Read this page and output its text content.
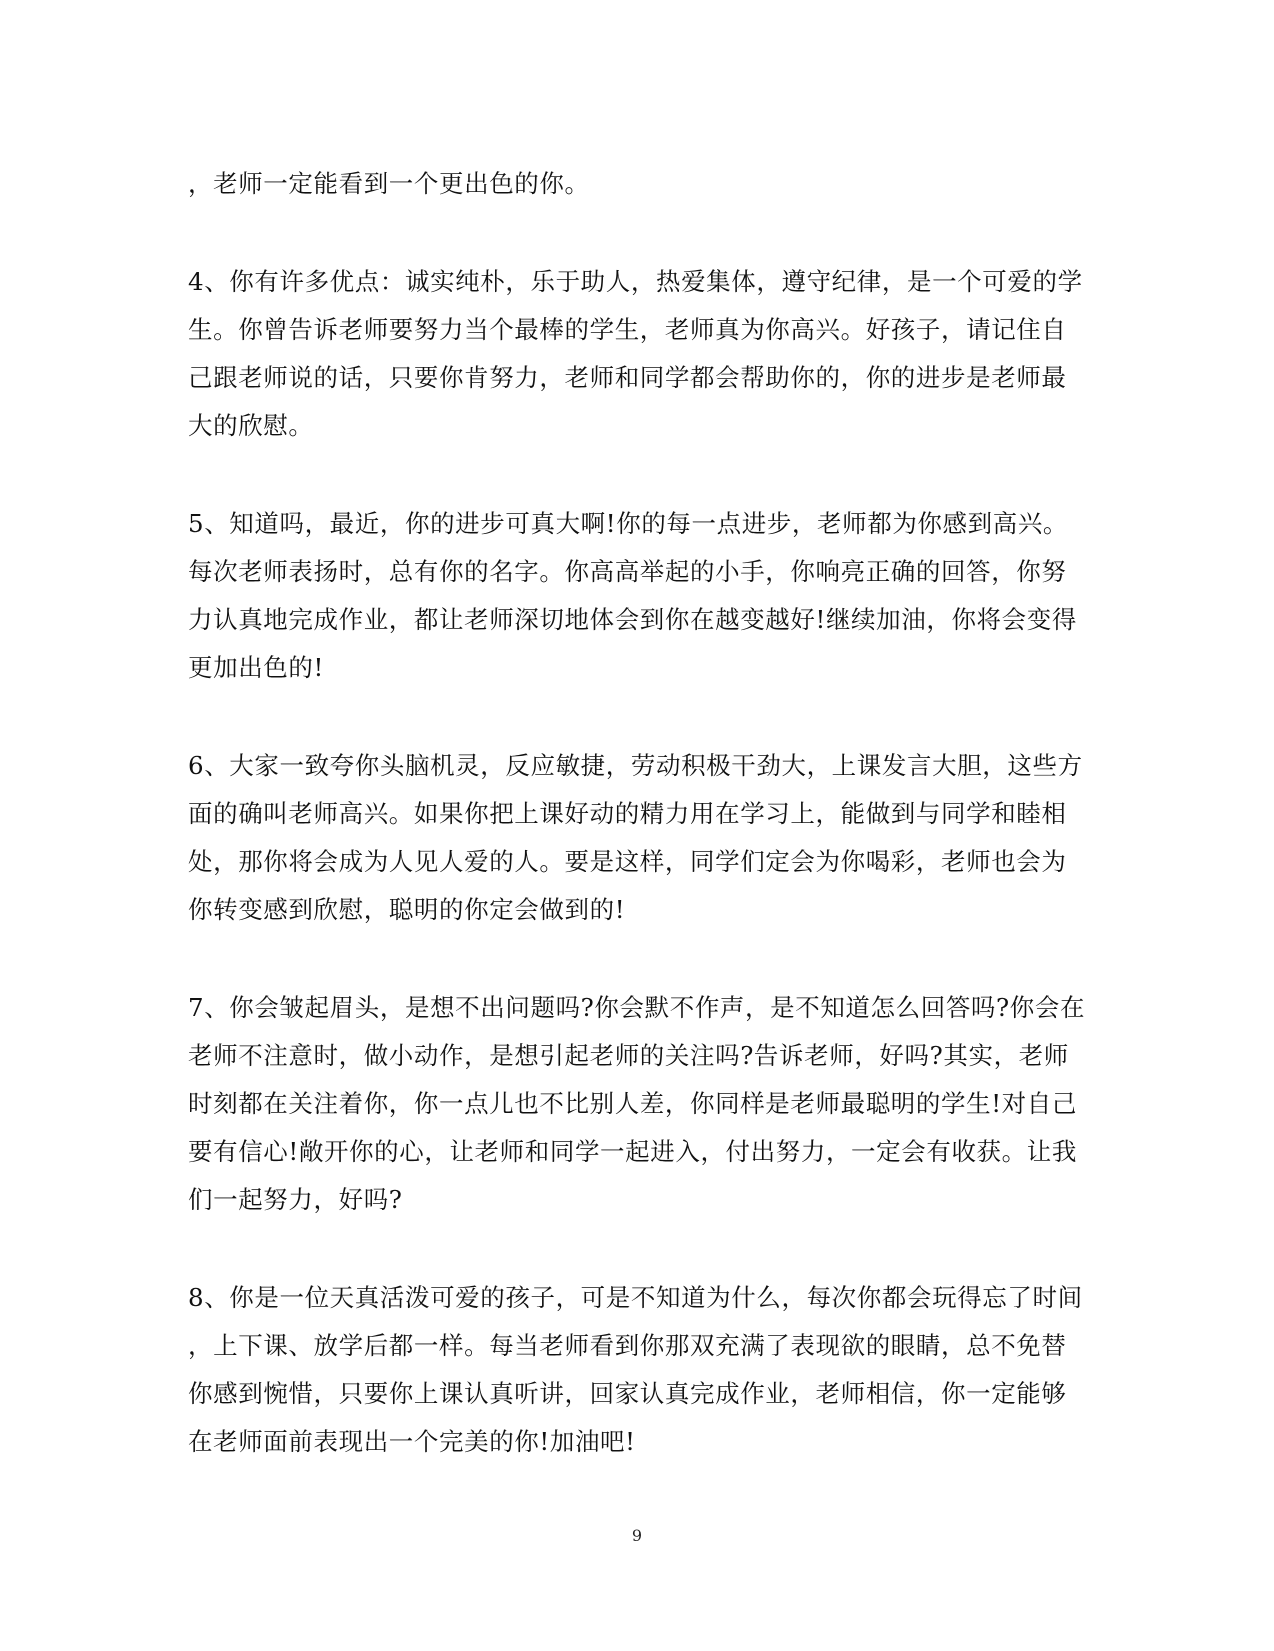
，老师一定能看到一个更出色的你。

4、你有许多优点：诚实纯朴，乐于助人，热爱集体，遵守纪律，是一个可爱的学
生。你曾告诉老师要努力当个最棒的学生，老师真为你高兴。好孩子，请记住自
己跟老师说的话，只要你肯努力，老师和同学都会帮助你的，你的进步是老师最
大的欣慰。

5、知道吗，最近，你的进步可真大啊!你的每一点进步，老师都为你感到高兴。
每次老师表扬时，总有你的名字。你高高举起的小手，你响亮正确的回答，你努
力认真地完成作业，都让老师深切地体会到你在越变越好!继续加油，你将会变得
更加出色的!

6、大家一致夸你头脑机灵，反应敏捷，劳动积极干劲大，上课发言大胆，这些方
面的确叫老师高兴。如果你把上课好动的精力用在学习上，能做到与同学和睦相
处，那你将会成为人见人爱的人。要是这样，同学们定会为你喝彩，老师也会为
你转变感到欣慰，聪明的你定会做到的!

7、你会皱起眉头，是想不出问题吗?你会默不作声，是不知道怎么回答吗?你会在
老师不注意时，做小动作，是想引起老师的关注吗?告诉老师，好吗?其实，老师
时刻都在关注着你，你一点儿也不比别人差，你同样是老师最聪明的学生!对自己
要有信心!敞开你的心，让老师和同学一起进入，付出努力，一定会有收获。让我
们一起努力，好吗?

8、你是一位天真活泼可爱的孩子，可是不知道为什么，每次你都会玩得忘了时间
，上下课、放学后都一样。每当老师看到你那双充满了表现欲的眼睛，总不免替
你感到惋惜，只要你上课认真听讲，回家认真完成作业，老师相信，你一定能够
在老师面前表现出一个完美的你!加油吧!

9
